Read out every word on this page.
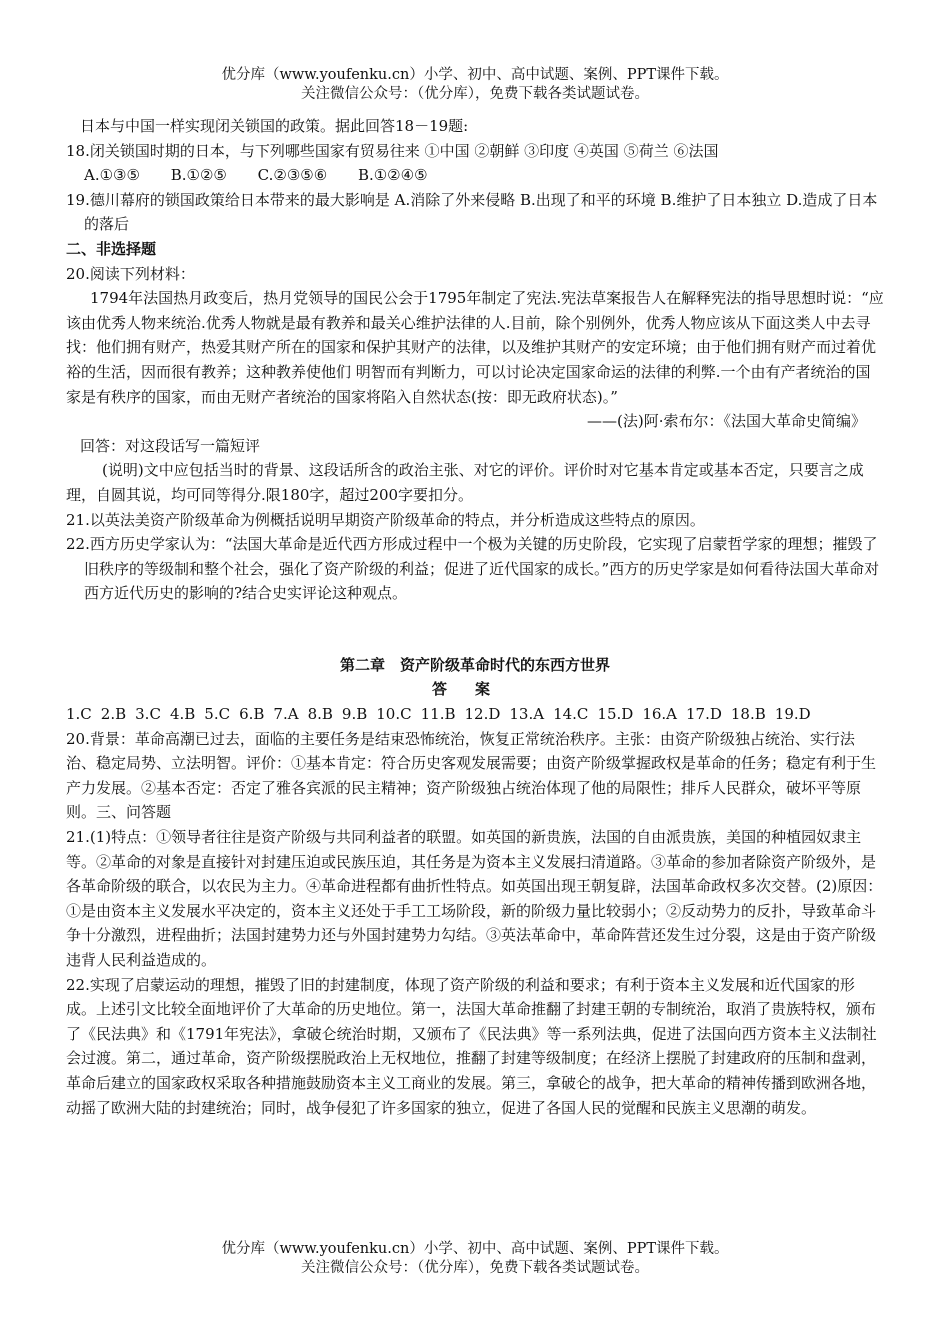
优分库（www.youfenku.cn）小学、初中、高中试题、案例、PPT课件下载。
关注微信公众号：（优分库），免费下载各类试题试卷。

日本与中国一样实现闭关锁国的政策。据此回答18－19题:

18.闭关锁国时期的日本，与下列哪些国家有贸易往来 ①中国 ②朝鲜 ③印度 ④英国 ⑤荷兰 ⑥法国

A.①③⑤ B.①②⑤ C.②③⑤⑥ B.①②④⑤

19.德川幕府的锁国政策给日本带来的最大影响是 A.消除了外来侵略 B.出现了和平的环境 B.维护了日本独立 D.造成了日本的落后

二、非选择题

20.阅读下列材料：

1794年法国热月政变后，热月党领导的国民公会于1795年制定了宪法.宪法草案报告人在解释宪法的指导思想时说：“应该由优秀人物来统治.优秀人物就是最有教养和最关心维护法律的人.目前，除个别例外，优秀人物应该从下面这类人中去寻找：他们拥有财产，热爱其财产所在的国家和保护其财产的法律，以及维护其财产的安定环境；由于他们拥有财产而过着优裕的生活，因而很有教养；这种教养使他们 明智而有判断力，可以讨论决定国家命运的法律的利弊.一个由有产者统治的国家是有秩序的国家，而由无财产者统治的国家将陷入自然状态(按：即无政府状态)。”

——(法)阿·索布尔：《法国大革命史简编》

回答：对这段话写一篇短评

(说明)文中应包括当时的背景、这段话所含的政治主张、对它的评价。评价时对它基本肯定或基本否定，只要言之成理，自圆其说，均可同等得分.限180字，超过200字要扣分。

21.以英法美资产阶级革命为例概括说明早期资产阶级革命的特点，并分析造成这些特点的原因。

22.西方历史学家认为：“法国大革命是近代西方形成过程中一个极为关键的历史阶段，它实现了启蒙哲学家的理想；摧毁了旧秩序的等级制和整个社会，强化了资产阶级的利益；促进了近代国家的成长。”西方的历史学家是如何看待法国大革命对西方近代历史的影响的?结合史实评论这种观点。

第二章　资产阶级革命时代的东西方世界

答案

1.C 2.B 3.C 4.B 5.C 6.B 7.A 8.B 9.B 10.C 11.B 12.D 13.A 14.C 15.D 16.A 17.D 18.B 19.D

20.背景：革命高潮已过去，面临的主要任务是结束恐怖统治，恢复正常统治秩序。主张：由资产阶级独占统治、实行法治、稳定局势、立法明智。评价：①基本肯定：符合历史客观发展需要；由资产阶级掌握政权是革命的任务；稳定有利于生产力发展。②基本否定：否定了雅各宾派的民主精神；资产阶级独占统治体现了他的局限性；排斥人民群众，破坏平等原则。三、问答题

21.(1)特点：①领导者往往是资产阶级与共同利益者的联盟。如英国的新贵族，法国的自由派贵族，美国的种植园奴隶主等。②革命的对象是直接针对封建压迫或民族压迫，其任务是为资本主义发展扫清道路。③革命的参加者除资产阶级外，是各革命阶级的联合，以农民为主力。④革命进程都有曲折性特点。如英国出现王朝复辟，法国革命政权多次交替。(2)原因：①是由资本主义发展水平决定的，资本主义还处于手工工场阶段，新的阶级力量比较弱小；②反动势力的反扑，导致革命斗争十分激烈，进程曲折；法国封建势力还与外国封建势力勾结。③英法革命中，革命阵营还发生过分裂，这是由于资产阶级违背人民利益造成的。

22.实现了启蒙运动的理想，摧毁了旧的封建制度，体现了资产阶级的利益和要求；有利于资本主义发展和近代国家的形成。上述引文比较全面地评价了大革命的历史地位。第一，法国大革命推翻了封建王朝的专制统治，取消了贵族特权，颁布了《民法典》和《1791年宪法》，拿破仑统治时期，又颁布了《民法典》等一系列法典，促进了法国向西方资本主义法制社会过渡。第二，通过革命，资产阶级摆脱政治上无权地位，推翻了封建等级制度；在经济上摆脱了封建政府的压制和盘剥，革命后建立的国家政权采取各种措施鼓励资本主义工商业的发展。第三，拿破仑的战争，把大革命的精神传播到欧洲各地，动摇了欧洲大陆的封建统治；同时，战争侵犯了许多国家的独立，促进了各国人民的觉醒和民族主义思潮的萌发。

优分库（www.youfenku.cn）小学、初中、高中试题、案例、PPT课件下载。
关注微信公众号：（优分库），免费下载各类试题试卷。
